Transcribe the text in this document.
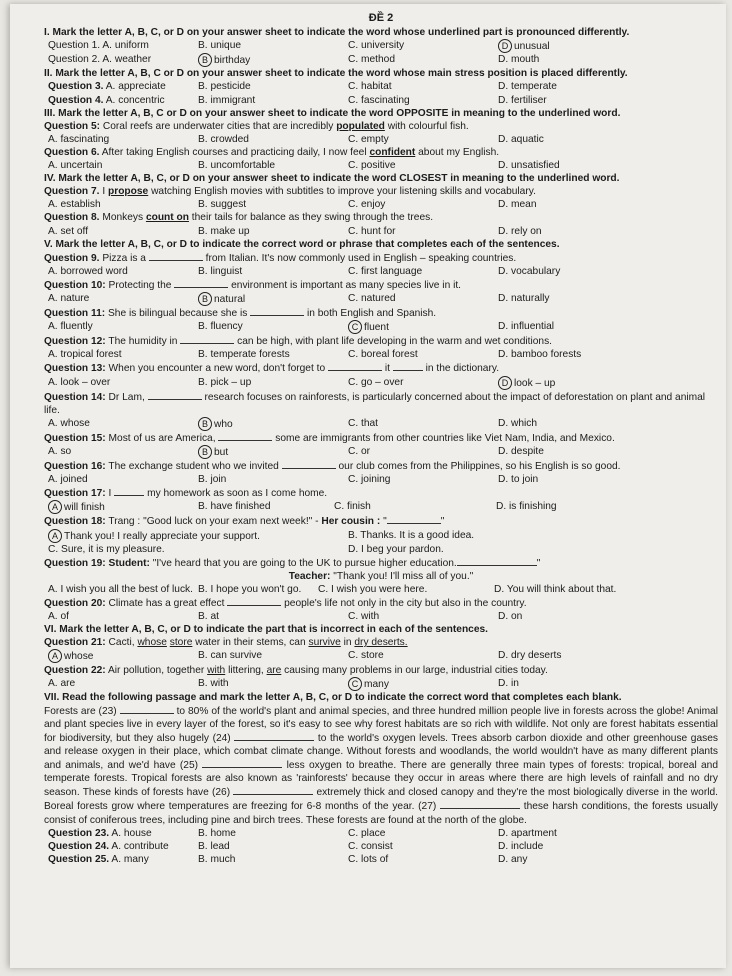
ĐỀ 2
I. Mark the letter A, B, C, or D on your answer sheet to indicate the word whose underlined part is pronounced differently.
Question 1. A. uniform	B. unique	C. university	D unusual
Question 2. A. weather	B birthday	C. method	D. mouth
II. Mark the letter A, B, C or D on your answer sheet to indicate the word whose main stress position is placed differently.
Question 3. A. appreciate	B. pesticide	C. habitat	D. temperate
Question 4. A. concentric	B. immigrant	C. fascinating	D. fertiliser
III. Mark the letter A, B, C or D on your answer sheet to indicate the word OPPOSITE in meaning to the underlined word.
Question 5: Coral reefs are underwater cities that are incredibly populated with colourful fish.
A. fascinating	B. crowded	C. empty	D. aquatic
Question 6. After taking English courses and practicing daily, I now feel confident about my English.
A. uncertain	B. uncomfortable	C. positive	D. unsatisfied
IV. Mark the letter A, B, C, or D on your answer sheet to indicate the word CLOSEST in meaning to the underlined word.
Question 7. I propose watching English movies with subtitles to improve your listening skills and vocabulary.
A. establish	B. suggest	C. enjoy	D. mean
Question 8. Monkeys count on their tails for balance as they swing through the trees.
A. set off	B. make up	C. hunt for	D. rely on
V. Mark the letter A, B, C, or D to indicate the correct word or phrase that completes each of the sentences.
Question 9. Pizza is a	from Italian. It's now commonly used in English – speaking countries.
A. borrowed word	B. linguist	C. first language	D. vocabulary
Question 10: Protecting the	environment is important as many species live in it.
A. nature	B natural	C. natured	D. naturally
Question 11: She is bilingual because she is	in both English and Spanish.
A. fluently	B. fluency	C fluent	D. influential
Question 12: The humidity in	can be high, with plant life developing in the warm and wet conditions.
A. tropical forest	B. temperate forests	C. boreal forest	D. bamboo forests
Question 13: When you encounter a new word, don't forget to	it	in the dictionary.
A. look – over	B. pick – up	C. go – over	D look – up
Question 14: Dr Lam,	research focuses on rainforests, is particularly concerned about the impact of deforestation on plant and animal life.
A. whose	B who	C. that	D. which
Question 15: Most of us are America,	some are immigrants from other countries like Viet Nam, India, and Mexico.
A. so	B but	C. or	D. despite
Question 16: The exchange student who we invited	our club comes from the Philippines, so his English is so good.
A. joined	B. join	C. joining	D. to join
Question 17: I	my homework as soon as I come home.
A will finish	B. have finished	C. finish	D. is finishing
Question 18: Trang : "Good luck on your exam next week!" - Her cousin : "	"
A Thank you! I really appreciate your support.	B. Thanks. It is a good idea.
C. Sure, it is my pleasure.	D. I beg your pardon.
Question 19: Student: "I've heard that you are going to the UK to pursue higher education.	"
Teacher: "Thank you! I'll miss all of you."
A. I wish you all the best of luck. B. I hope you won't go.	C. I wish you were here.	D. You will think about that.
Question 20: Climate has a great effect	people's life not only in the city but also in the country.
A. of	B. at	C. with	D. on
VI. Mark the letter A, B, C, or D to indicate the part that is incorrect in each of the sentences.
Question 21: Cacti, whose store water in their stems, can survive in dry deserts.
A whose	B. can survive	C. store	D. dry deserts
Question 22: Air pollution, together with littering, are causing many problems in our large, industrial cities today.
A. are	B. with	C many	D. in
VII. Read the following passage and mark the letter A, B, C, or D to indicate the correct word that completes each blank.
Forests are (23)	to 80% of the world's plant and animal species, and three hundred million people live in forests across the globe! Animal and plant species live in every layer of the forest, so it's easy to see why forest habitats are so rich with wildlife. Not only are forest habitats essential for biodiversity, but they also hugely (24)	to the world's oxygen levels. Trees absorb carbon dioxide and other greenhouse gases and release oxygen in their place, which combat climate change. Without forests and woodlands, the world wouldn't have as many different plants and animals, and we'd have (25)	less oxygen to breathe. There are generally three main types of forests: tropical, boreal and temperate forests. Tropical forests are also known as 'rainforests' because they occur in areas where there are high levels of rainfall and no dry season. These kinds of forests have (26)	extremely thick and closed canopy and they're the most biologically diverse in the world. Boreal forests grow where temperatures are freezing for 6-8 months of the year. (27)	these harsh conditions, the forests usually consist of coniferous trees, including pine and birch trees. These forests are found at the north of the globe.
Question 23. A. house	B. home	C. place	D. apartment
Question 24. A. contribute	B. lead	C. consist	D. include
Question 25. A. many	B. much	C. lots of	D. any
